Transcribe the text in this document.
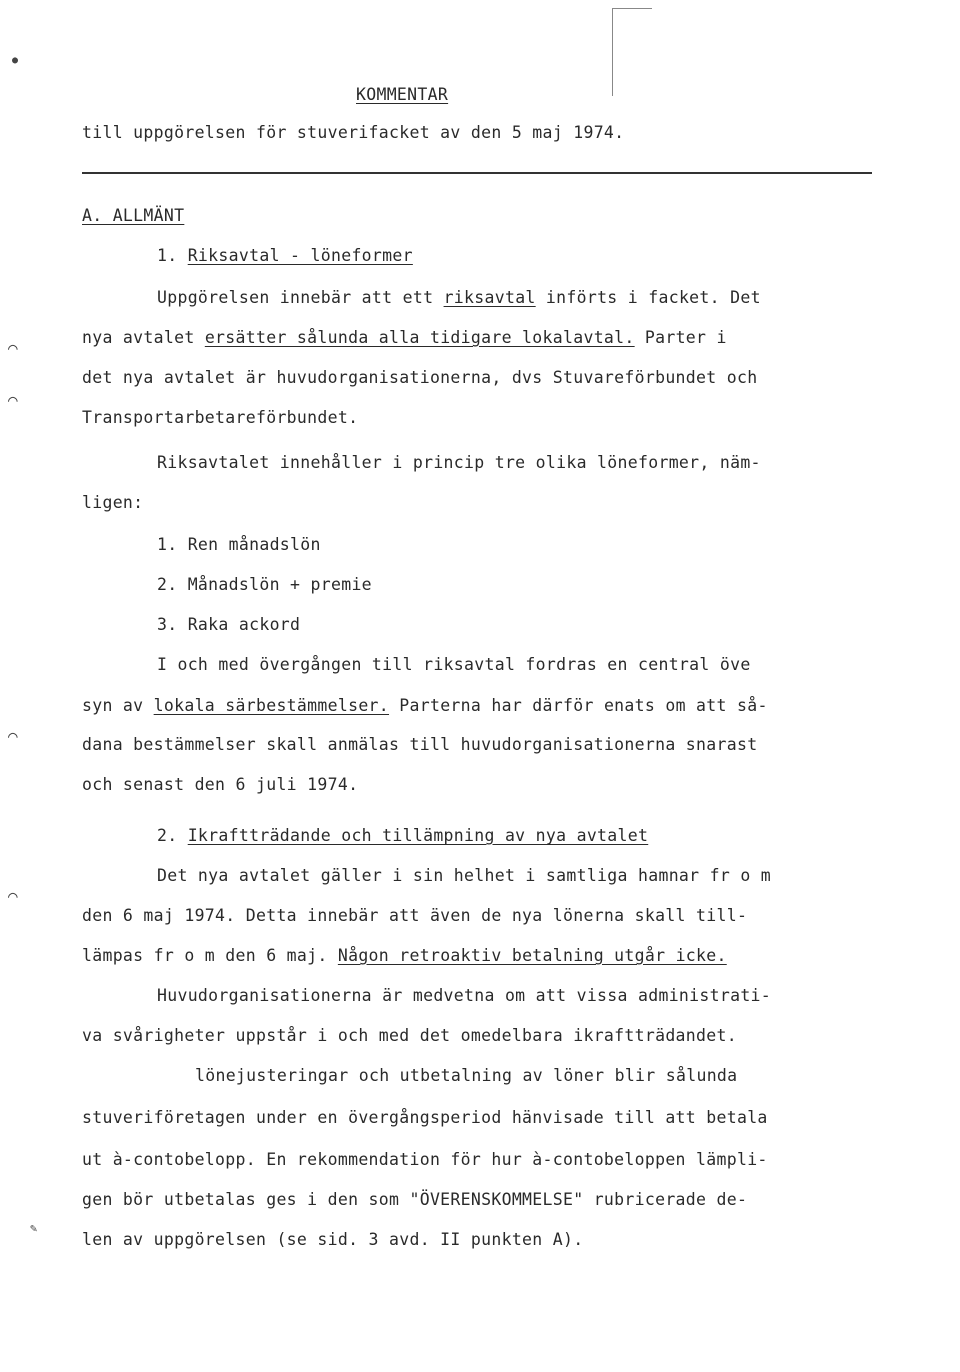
●
⌒
⌒
⌒
⌒
KOMMENTAR
till uppgörelsen för stuverifacket av den 5 maj 1974.
A. ALLMÄNT
1. Riksavtal - löneformer
Uppgörelsen innebär att ett riksavtal införts i facket. Det
nya avtalet ersätter sålunda alla tidigare lokalavtal. Parter i
det nya avtalet är huvudorganisationerna, dvs Stuvareförbundet och
Transportarbetareförbundet.
Riksavtalet innehåller i princip tre olika löneformer, näm-
ligen:
1. Ren månadslön
2. Månadslön + premie
3. Raka ackord
I och med övergången till riksavtal fordras en central öve
syn av lokala särbestämmelser. Parterna har därför enats om att så-
dana bestämmelser skall anmälas till huvudorganisationerna snarast
och senast den 6 juli 1974.
2. Ikraftträdande och tillämpning av nya avtalet
Det nya avtalet gäller i sin helhet i samtliga hamnar fr o m
den 6 maj 1974. Detta innebär att även de nya lönerna skall till-
lämpas fr o m den 6 maj. Någon retroaktiv betalning utgår icke.
Huvudorganisationerna är medvetna om att vissa administrati-
va svårigheter uppstår i och med det omedelbara ikraftträdandet.
lönejusteringar och utbetalning av löner blir sålunda
stuveriföretagen under en övergångsperiod hänvisade till att betala
ut à-contobelopp. En rekommendation för hur à-contobeloppen lämpli-
gen bör utbetalas ges i den som "ÖVERENSKOMMELSE" rubricerade de-
len av uppgörelsen (se sid. 3 avd. II punkten A).
✎
